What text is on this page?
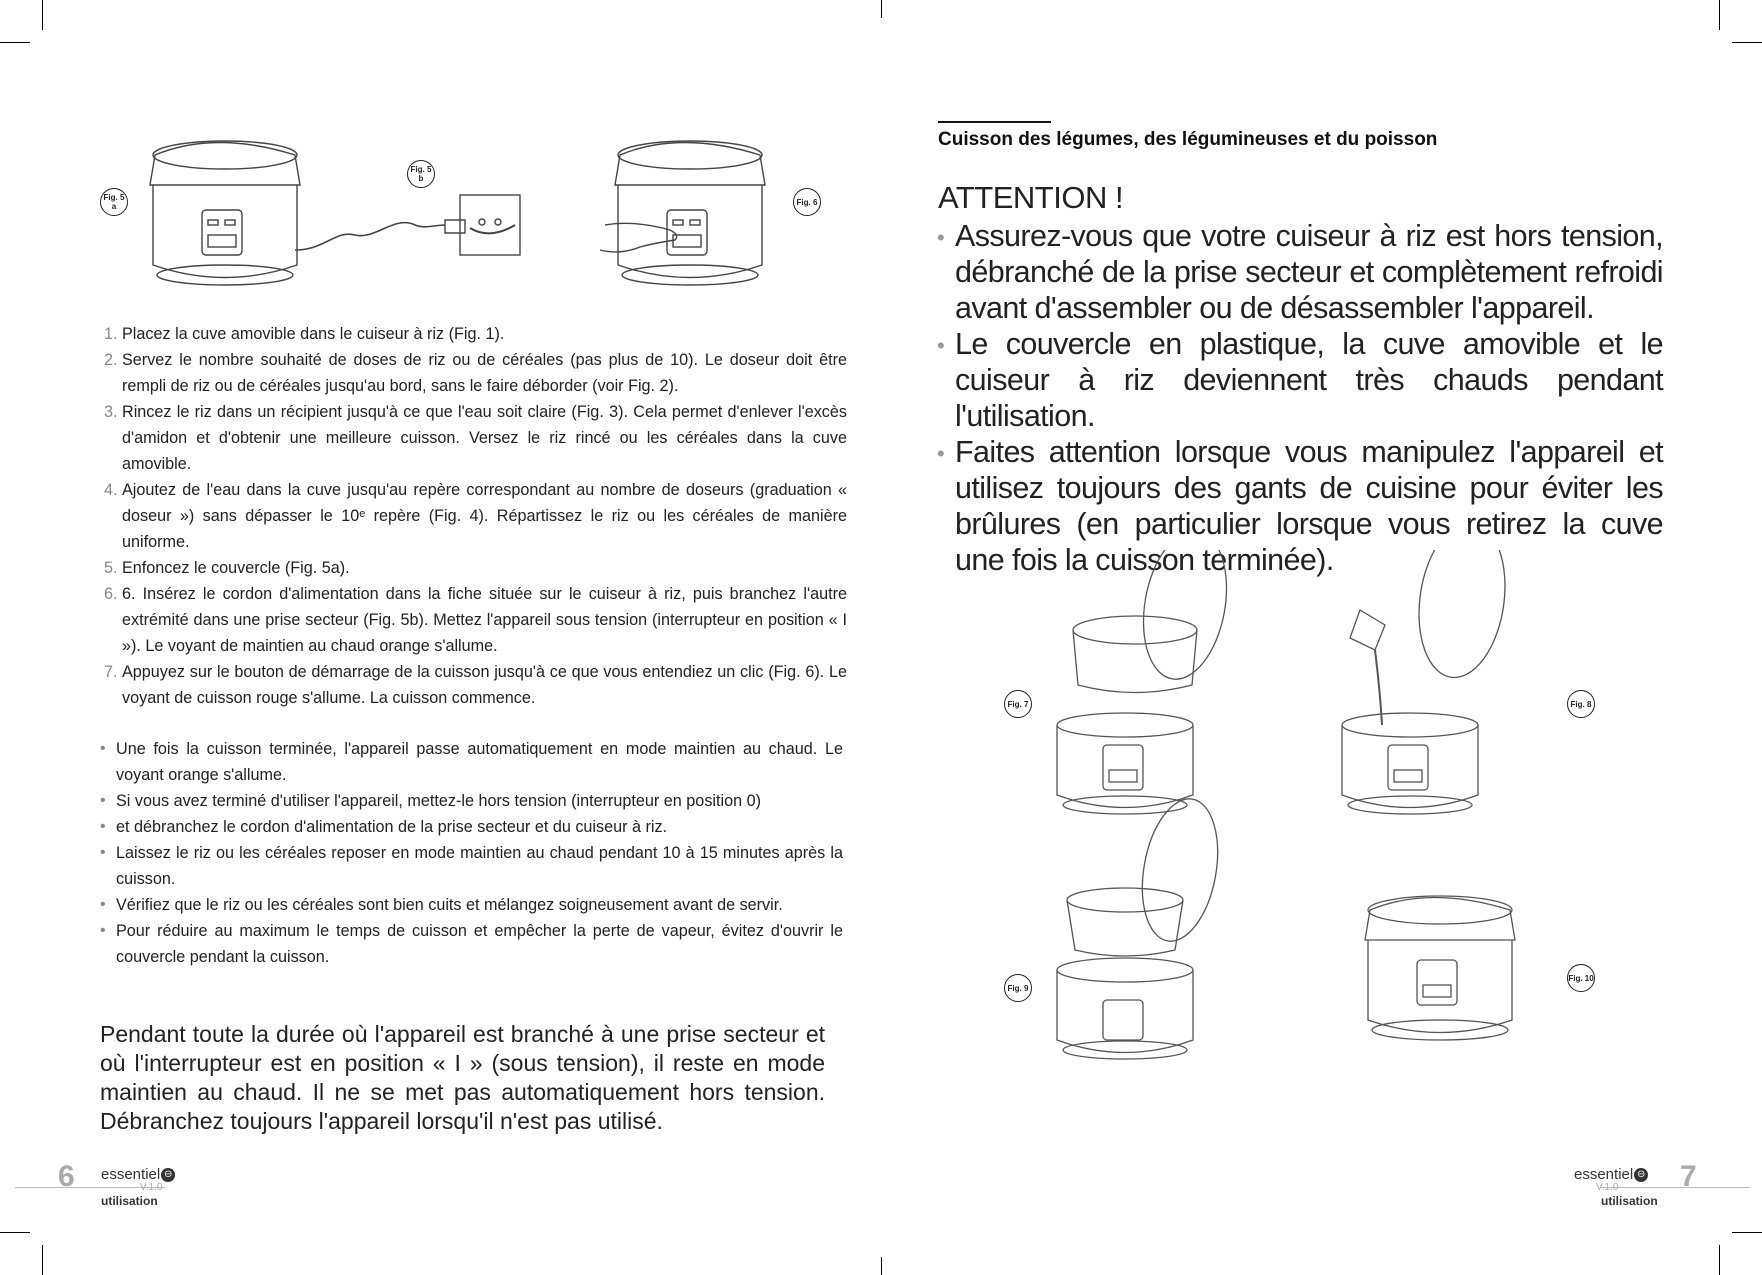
Fig. 5 a
Fig. 5 b
Fig. 6
1. Placez la cuve amovible dans le cuiseur à riz (Fig. 1).
2. Servez le nombre souhaité de doses de riz ou de céréales (pas plus de 10). Le doseur doit être rempli de riz ou de céréales jusqu'au bord, sans le faire déborder (voir Fig. 2).
3. Rincez le riz dans un récipient jusqu'à ce que l'eau soit claire (Fig. 3). Cela permet d'enlever l'excès d'amidon et d'obtenir une meilleure cuisson. Versez le riz rincé ou les céréales dans la cuve amovible.
4. Ajoutez de l'eau dans la cuve jusqu'au repère correspondant au nombre de doseurs (graduation « doseur ») sans dépasser le 10ᵉ repère (Fig. 4). Répartissez le riz ou les céréales de manière uniforme.
5. Enfoncez le couvercle (Fig. 5a).
6. 6. Insérez le cordon d'alimentation dans la fiche située sur le cuiseur à riz, puis branchez l'autre extrémité dans une prise secteur (Fig. 5b). Mettez l'appareil sous tension (interrupteur en position « I »). Le voyant de maintien au chaud orange s'allume.
7. Appuyez sur le bouton de démarrage de la cuisson jusqu'à ce que vous entendiez un clic (Fig. 6). Le voyant de cuisson rouge s'allume. La cuisson commence.
• Une fois la cuisson terminée, l'appareil passe automatiquement en mode maintien au chaud. Le voyant orange s'allume.
• Si vous avez terminé d'utiliser l'appareil, mettez-le hors tension (interrupteur en position 0)
• et débranchez le cordon d'alimentation de la prise secteur et du cuiseur à riz.
• Laissez le riz ou les céréales reposer en mode maintien au chaud pendant 10 à 15 minutes après la cuisson.
• Vérifiez que le riz ou les céréales sont bien cuits et mélangez soigneusement avant de servir.
• Pour réduire au maximum le temps de cuisson et empêcher la perte de vapeur, évitez d'ouvrir le couvercle pendant la cuisson.
Pendant toute la durée où l'appareil est branché à une prise secteur et où l'interrupteur est en position « I » (sous tension), il reste en mode maintien au chaud. Il ne se met pas automatiquement hors tension. Débranchez toujours l'appareil lorsqu'il n'est pas utilisé.
6 essentiel ⊖
V.1.0
utilisation
Cuisson des légumes, des légumineuses et du poisson
ATTENTION !
• Assurez-vous que votre cuiseur à riz est hors tension, débranché de la prise secteur et complètement refroidi avant d'assembler ou de désassembler l'appareil.
• Le couvercle en plastique, la cuve amovible et le cuiseur à riz deviennent très chauds pendant l'utilisation.
• Faites attention lorsque vous manipulez l'appareil et utilisez toujours des gants de cuisine pour éviter les brûlures (en particulier lorsque vous retirez la cuve une fois la cuisson terminée).
Fig. 7	Fig. 8
Fig. 9
Fig. 10
essentiel ⊖
V.1.0
utilisation
7
